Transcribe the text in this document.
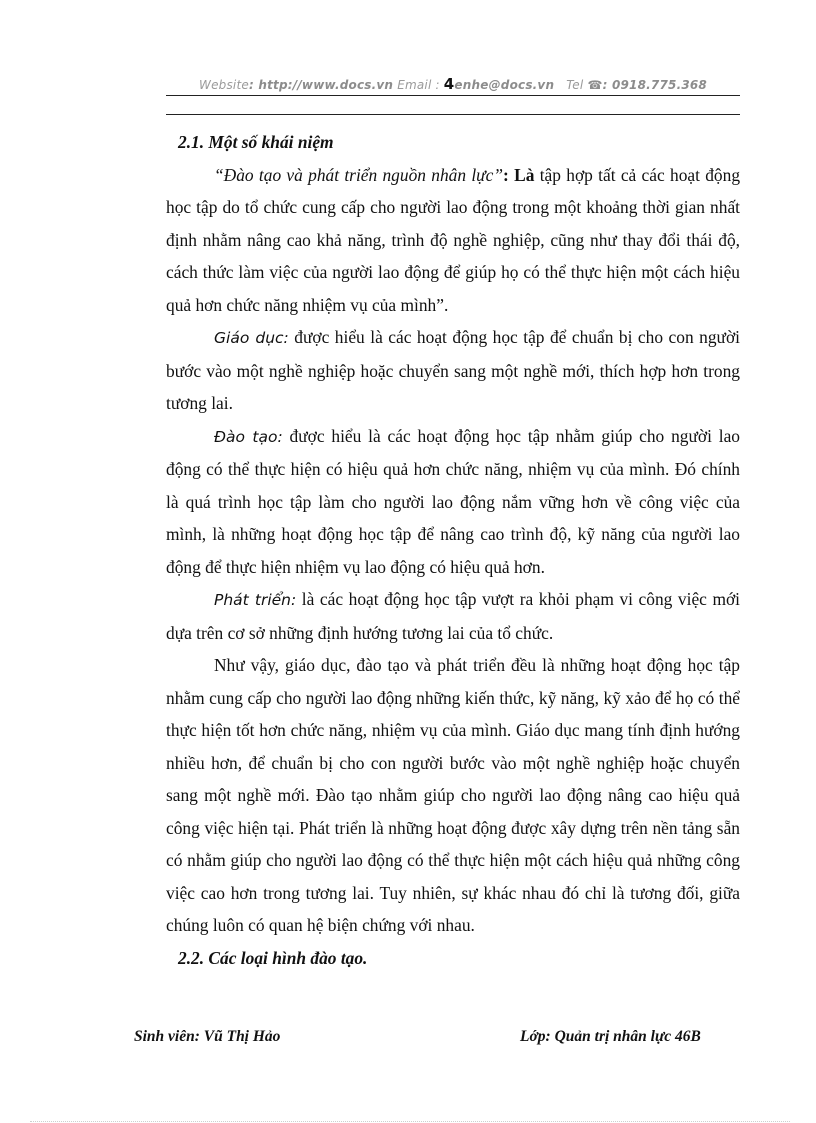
Website: http://www.docs.vn Email : 4enhe@docs.vn Tel ☎: 0918.775.368

2.1. Một số khái niệm

“Đào tạo và phát triển nguồn nhân lực”: Là tập hợp tất cả các hoạt động học tập do tổ chức cung cấp cho người lao động trong một khoảng thời gian nhất định nhằm nâng cao khả năng, trình độ nghề nghiệp, cũng như thay đổi thái độ, cách thức làm việc của người lao động để giúp họ có thể thực hiện một cách hiệu quả hơn chức năng nhiệm vụ của mình”.

Giáo dục: được hiểu là các hoạt động học tập để chuẩn bị cho con người bước vào một nghề nghiệp hoặc chuyển sang một nghề mới, thích hợp hơn trong tương lai.

Đào tạo: được hiểu là các hoạt động học tập nhằm giúp cho người lao động có thể thực hiện có hiệu quả hơn chức năng, nhiệm vụ của mình. Đó chính là quá trình học tập làm cho người lao động nắm vững hơn về công việc của mình, là những hoạt động học tập để nâng cao trình độ, kỹ năng của người lao động để thực hiện nhiệm vụ lao động có hiệu quả hơn.

Phát triển: là các hoạt động học tập vượt ra khỏi phạm vi công việc mới dựa trên cơ sở những định hướng tương lai của tổ chức.

Như vậy, giáo dục, đào tạo và phát triển đều là những hoạt động học tập nhằm cung cấp cho người lao động những kiến thức, kỹ năng, kỹ xảo để họ có thể thực hiện tốt hơn chức năng, nhiệm vụ của mình. Giáo dục mang tính định hướng nhiều hơn, để chuẩn bị cho con người bước vào một nghề nghiệp hoặc chuyển sang một nghề mới. Đào tạo nhằm giúp cho người lao động nâng cao hiệu quả công việc hiện tại. Phát triển là những hoạt động được xây dựng trên nền tảng sẵn có nhằm giúp cho người lao động có thể thực hiện một cách hiệu quả những công việc cao hơn trong tương lai. Tuy nhiên, sự khác nhau đó chỉ là tương đối, giữa chúng luôn có quan hệ biện chứng với nhau.

2.2. Các loại hình đào tạo.

Sinh viên: Vũ Thị Hảo	Lớp: Quản trị nhân lực 46B
